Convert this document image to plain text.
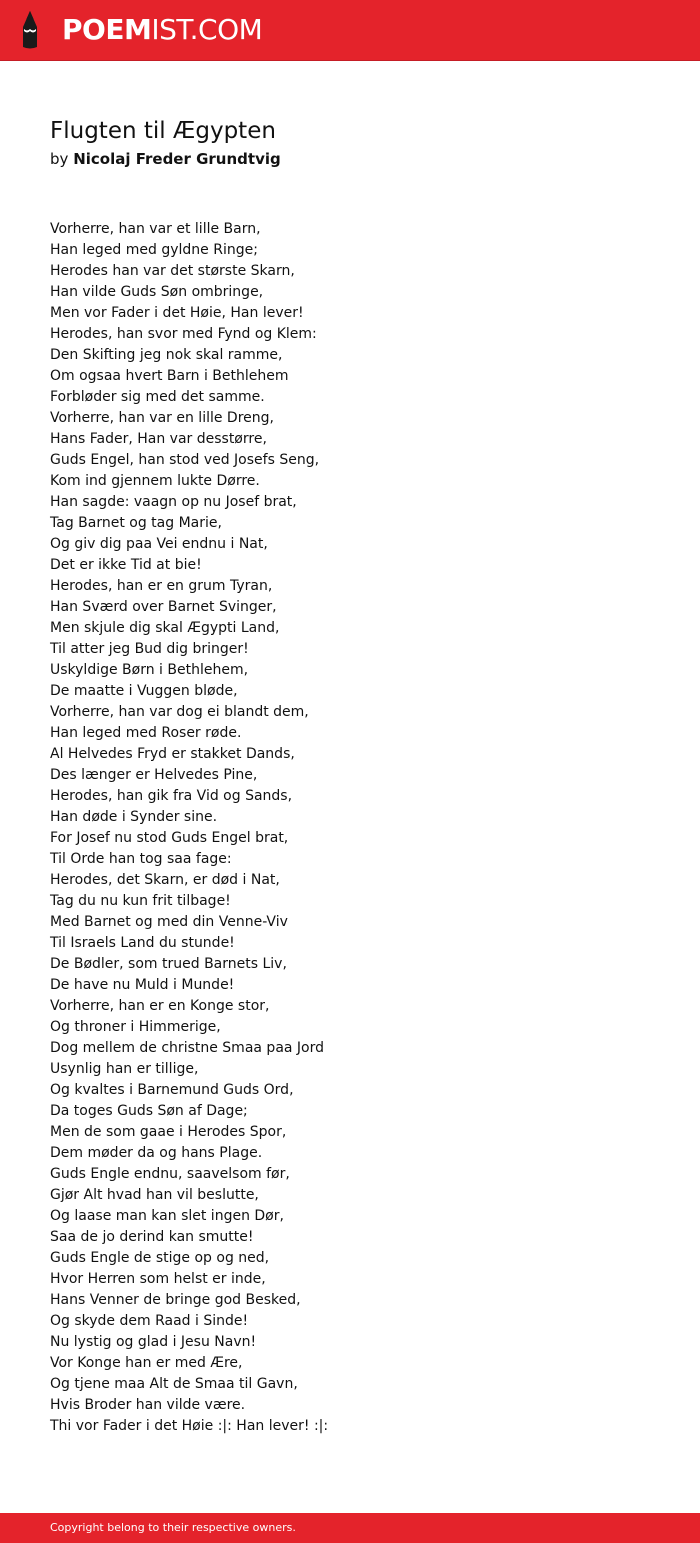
POEMIST.COM
Flugten til Ægypten
by Nicolaj Freder Grundtvig
Vorherre, han var et lille Barn,
Han leged med gyldne Ringe;
Herodes han var det største Skarn,
Han vilde Guds Søn ombringe,
Men vor Fader i det Høie, Han lever!
Herodes, han svor med Fynd og Klem:
Den Skifting jeg nok skal ramme,
Om ogsaa hvert Barn i Bethlehem
Forbløder sig med det samme.
Vorherre, han var en lille Dreng,
Hans Fader, Han var desstørre,
Guds Engel, han stod ved Josefs Seng,
Kom ind gjennem lukte Dørre.
Han sagde: vaagn op nu Josef brat,
Tag Barnet og tag Marie,
Og giv dig paa Vei endnu i Nat,
Det er ikke Tid at bie!
Herodes, han er en grum Tyran,
Han Sværd over Barnet Svinger,
Men skjule dig skal Ægypti Land,
Til atter jeg Bud dig bringer!
Uskyldige Børn i Bethlehem,
De maatte i Vuggen bløde,
Vorherre, han var dog ei blandt dem,
Han leged med Roser røde.
Al Helvedes Fryd er stakket Dands,
Des længer er Helvedes Pine,
Herodes, han gik fra Vid og Sands,
Han døde i Synder sine.
For Josef nu stod Guds Engel brat,
Til Orde han tog saa fage:
Herodes, det Skarn, er død i Nat,
Tag du nu kun frit tilbage!
Med Barnet og med din Venne-Viv
Til Israels Land du stunde!
De Bødler, som trued Barnets Liv,
De have nu Muld i Munde!
Vorherre, han er en Konge stor,
Og throner i Himmerige,
Dog mellem de christne Smaa paa Jord
Usynlig han er tillige,
Og kvaltes i Barnemund Guds Ord,
Da toges Guds Søn af Dage;
Men de som gaae i Herodes Spor,
Dem møder da og hans Plage.
Guds Engle endnu, saavelsom før,
Gjør Alt hvad han vil beslutte,
Og laase man kan slet ingen Dør,
Saa de jo derind kan smutte!
Guds Engle de stige op og ned,
Hvor Herren som helst er inde,
Hans Venner de bringe god Besked,
Og skyde dem Raad i Sinde!
Nu lystig og glad i Jesu Navn!
Vor Konge han er med Ære,
Og tjene maa Alt de Smaa til Gavn,
Hvis Broder han vilde være.
Thi vor Fader i det Høie :|: Han lever! :|:
Copyright belong to their respective owners.
